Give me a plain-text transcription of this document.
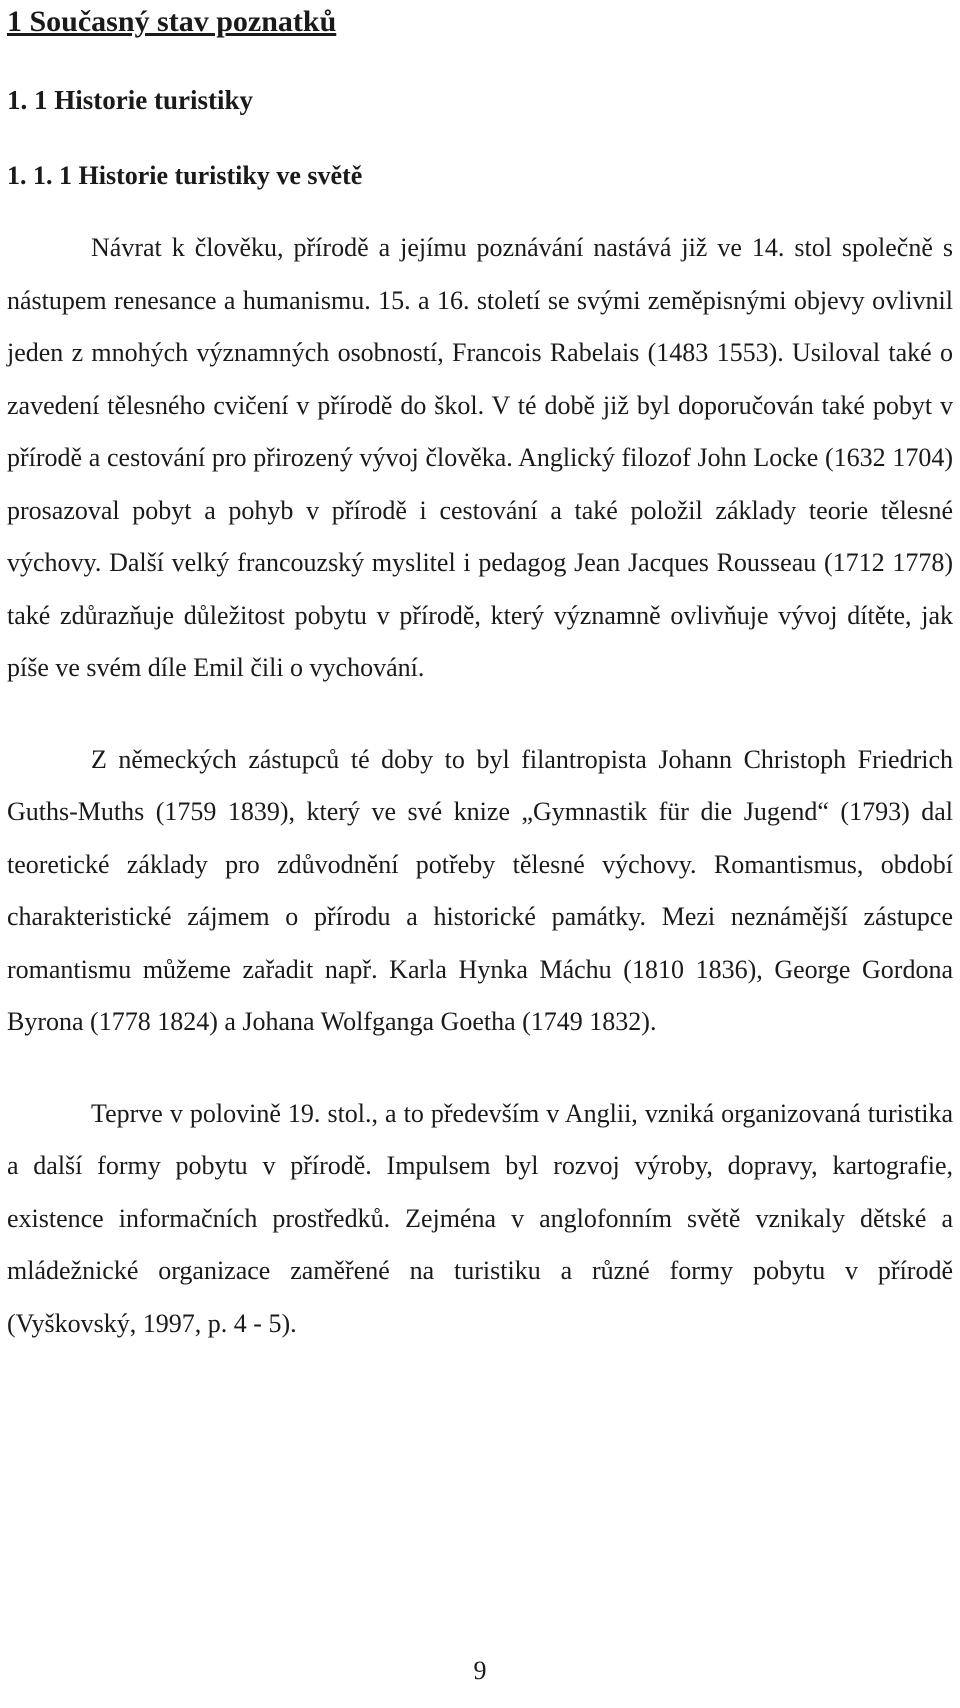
1 Současný stav poznatků
1. 1 Historie turistiky
1. 1. 1 Historie turistiky ve světě

Návrat k člověku, přírodě a jejímu poznávání nastává již ve 14. stol společně s nástupem renesance a humanismu. 15. a 16. století se svými zeměpisnými objevy ovlivnil jeden z mnohých významných osobností, Francois Rabelais (1483 1553). Usiloval také o zavedení tělesného cvičení v přírodě do škol. V té době již byl doporučován také pobyt v přírodě a cestování pro přirozený vývoj člověka. Anglický filozof John Locke (1632 1704) prosazoval pobyt a pohyb v přírodě i cestování a také položil základy teorie tělesné výchovy. Další velký francouzský myslitel i pedagog Jean Jacques Rousseau (1712 1778) také zdůrazňuje důležitost pobytu v přírodě, který významně ovlivňuje vývoj dítěte, jak píše ve svém díle Emil čili o vychování.

Z německých zástupců té doby to byl filantropista Johann Christoph Friedrich Guths-Muths (1759 1839), který ve své knize „Gymnastik für die Jugend“ (1793) dal teoretické základy pro zdůvodnění potřeby tělesné výchovy. Romantismus, období charakteristické zájmem o přírodu a historické památky. Mezi neznámější zástupce romantismu můžeme zařadit např. Karla Hynka Máchu (1810 1836), George Gordona Byrona (1778 1824) a Johana Wolfganga Goetha (1749 1832).

Teprve v polovině 19. stol., a to především v Anglii, vzniká organizovaná turistika a další formy pobytu v přírodě. Impulsem byl rozvoj výroby, dopravy, kartografie, existence informačních prostředků. Zejména v anglofonním světě vznikaly dětské a mládežnické organizace zaměřené na turistiku a různé formy pobytu v přírodě (Vyškovský, 1997, p. 4 - 5).

9
